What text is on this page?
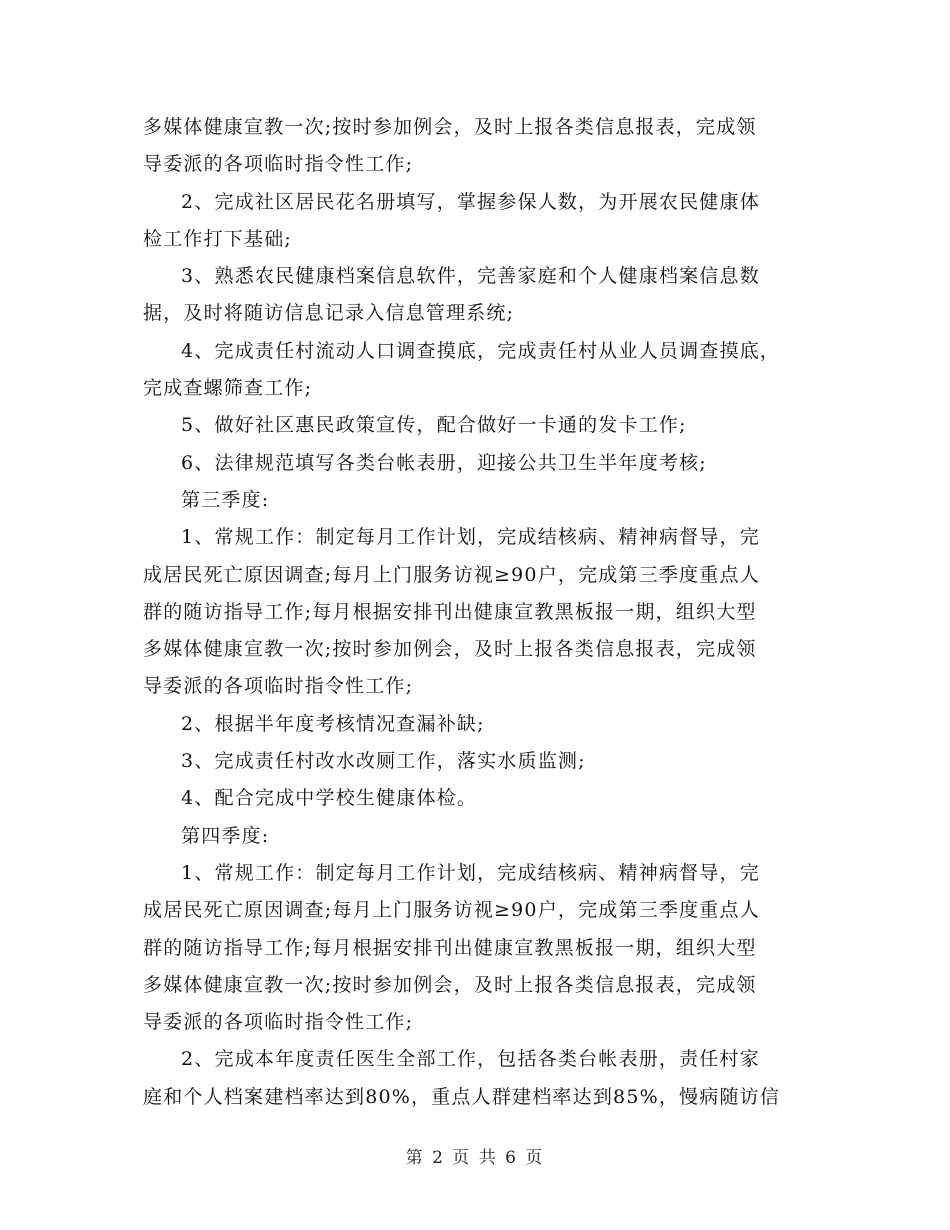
多媒体健康宣教一次;按时参加例会，及时上报各类信息报表，完成领
导委派的各项临时指令性工作;
2、完成社区居民花名册填写，掌握参保人数，为开展农民健康体
检工作打下基础;
3、熟悉农民健康档案信息软件，完善家庭和个人健康档案信息数
据，及时将随访信息记录入信息管理系统;
4、完成责任村流动人口调查摸底，完成责任村从业人员调查摸底，
完成查螺筛查工作;
5、做好社区惠民政策宣传，配合做好一卡通的发卡工作;
6、法律规范填写各类台帐表册，迎接公共卫生半年度考核;
第三季度:
1、常规工作：制定每月工作计划，完成结核病、精神病督导，完
成居民死亡原因调查;每月上门服务访视≥90户，完成第三季度重点人
群的随访指导工作;每月根据安排刊出健康宣教黑板报一期，组织大型
多媒体健康宣教一次;按时参加例会，及时上报各类信息报表，完成领
导委派的各项临时指令性工作;
2、根据半年度考核情况查漏补缺;
3、完成责任村改水改厕工作，落实水质监测;
4、配合完成中学校生健康体检。
第四季度:
1、常规工作：制定每月工作计划，完成结核病、精神病督导，完
成居民死亡原因调查;每月上门服务访视≥90户，完成第三季度重点人
群的随访指导工作;每月根据安排刊出健康宣教黑板报一期，组织大型
多媒体健康宣教一次;按时参加例会，及时上报各类信息报表，完成领
导委派的各项临时指令性工作;
2、完成本年度责任医生全部工作，包括各类台帐表册，责任村家
庭和个人档案建档率达到80%，重点人群建档率达到85%，慢病随访信
第 2 页 共 6 页
